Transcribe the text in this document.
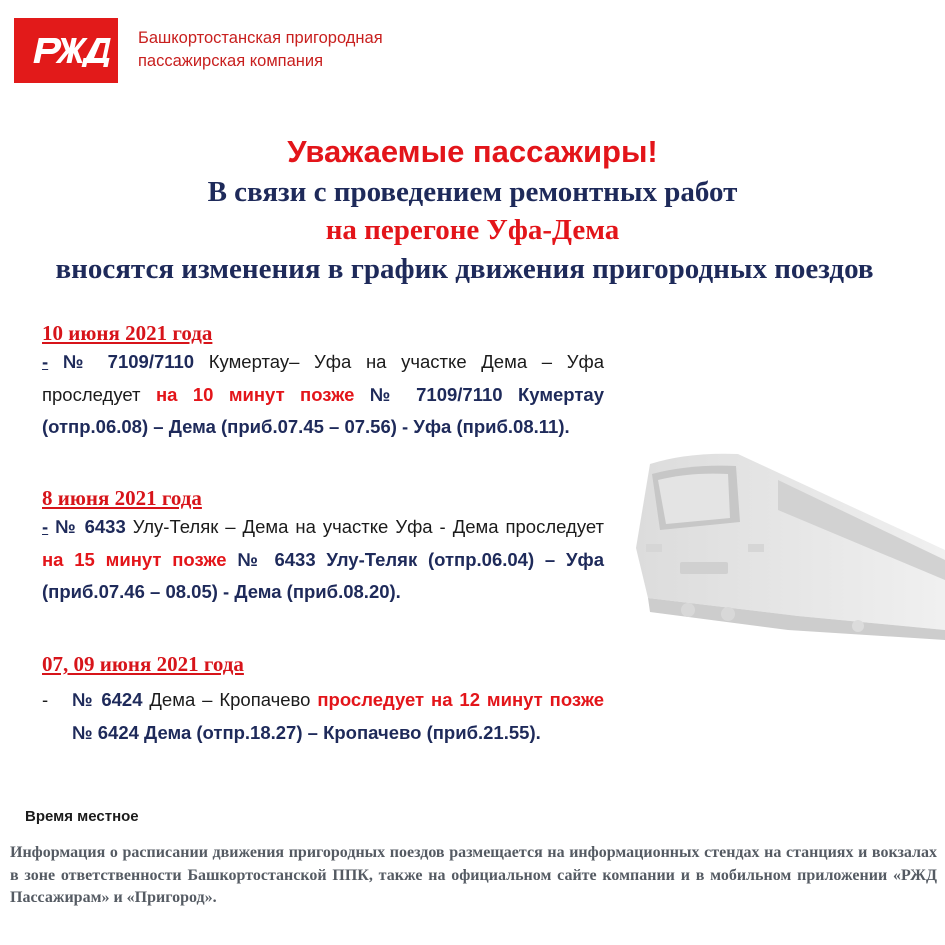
Башкортостанская пригородная
пассажирская компания
Уважаемые пассажиры!
В связи с проведением ремонтных работ
на перегоне Уфа-Дема
вносятся изменения в график движения пригородных поездов
10 июня 2021 года

- № 7109/7110 Кумертау– Уфа на участке Дема – Уфа проследует на 10 минут позже № 7109/7110 Кумертау (отпр.06.08) – Дема (приб.07.45 – 07.56) - Уфа (приб.08.11).

8 июня 2021 года

- № 6433 Улу-Теляк – Дема на участке Уфа - Дема проследует на 15 минут позже № 6433 Улу-Теляк (отпр.06.04) – Уфа (приб.07.46 – 08.05) - Дема (приб.08.20).

07, 09 июня 2021 года
- № 6424 Дема – Кропачево проследует на 12 минут позже № 6424 Дема (отпр.18.27) – Кропачево (приб.21.55).

Время местное

Информация о расписании движения пригородных поездов размещается на информационных стендах на станциях и вокзалах в зоне ответственности Башкортостанской ППК, также на официальном сайте компании и в мобильном приложении «РЖД Пассажирам» и «Пригород».
